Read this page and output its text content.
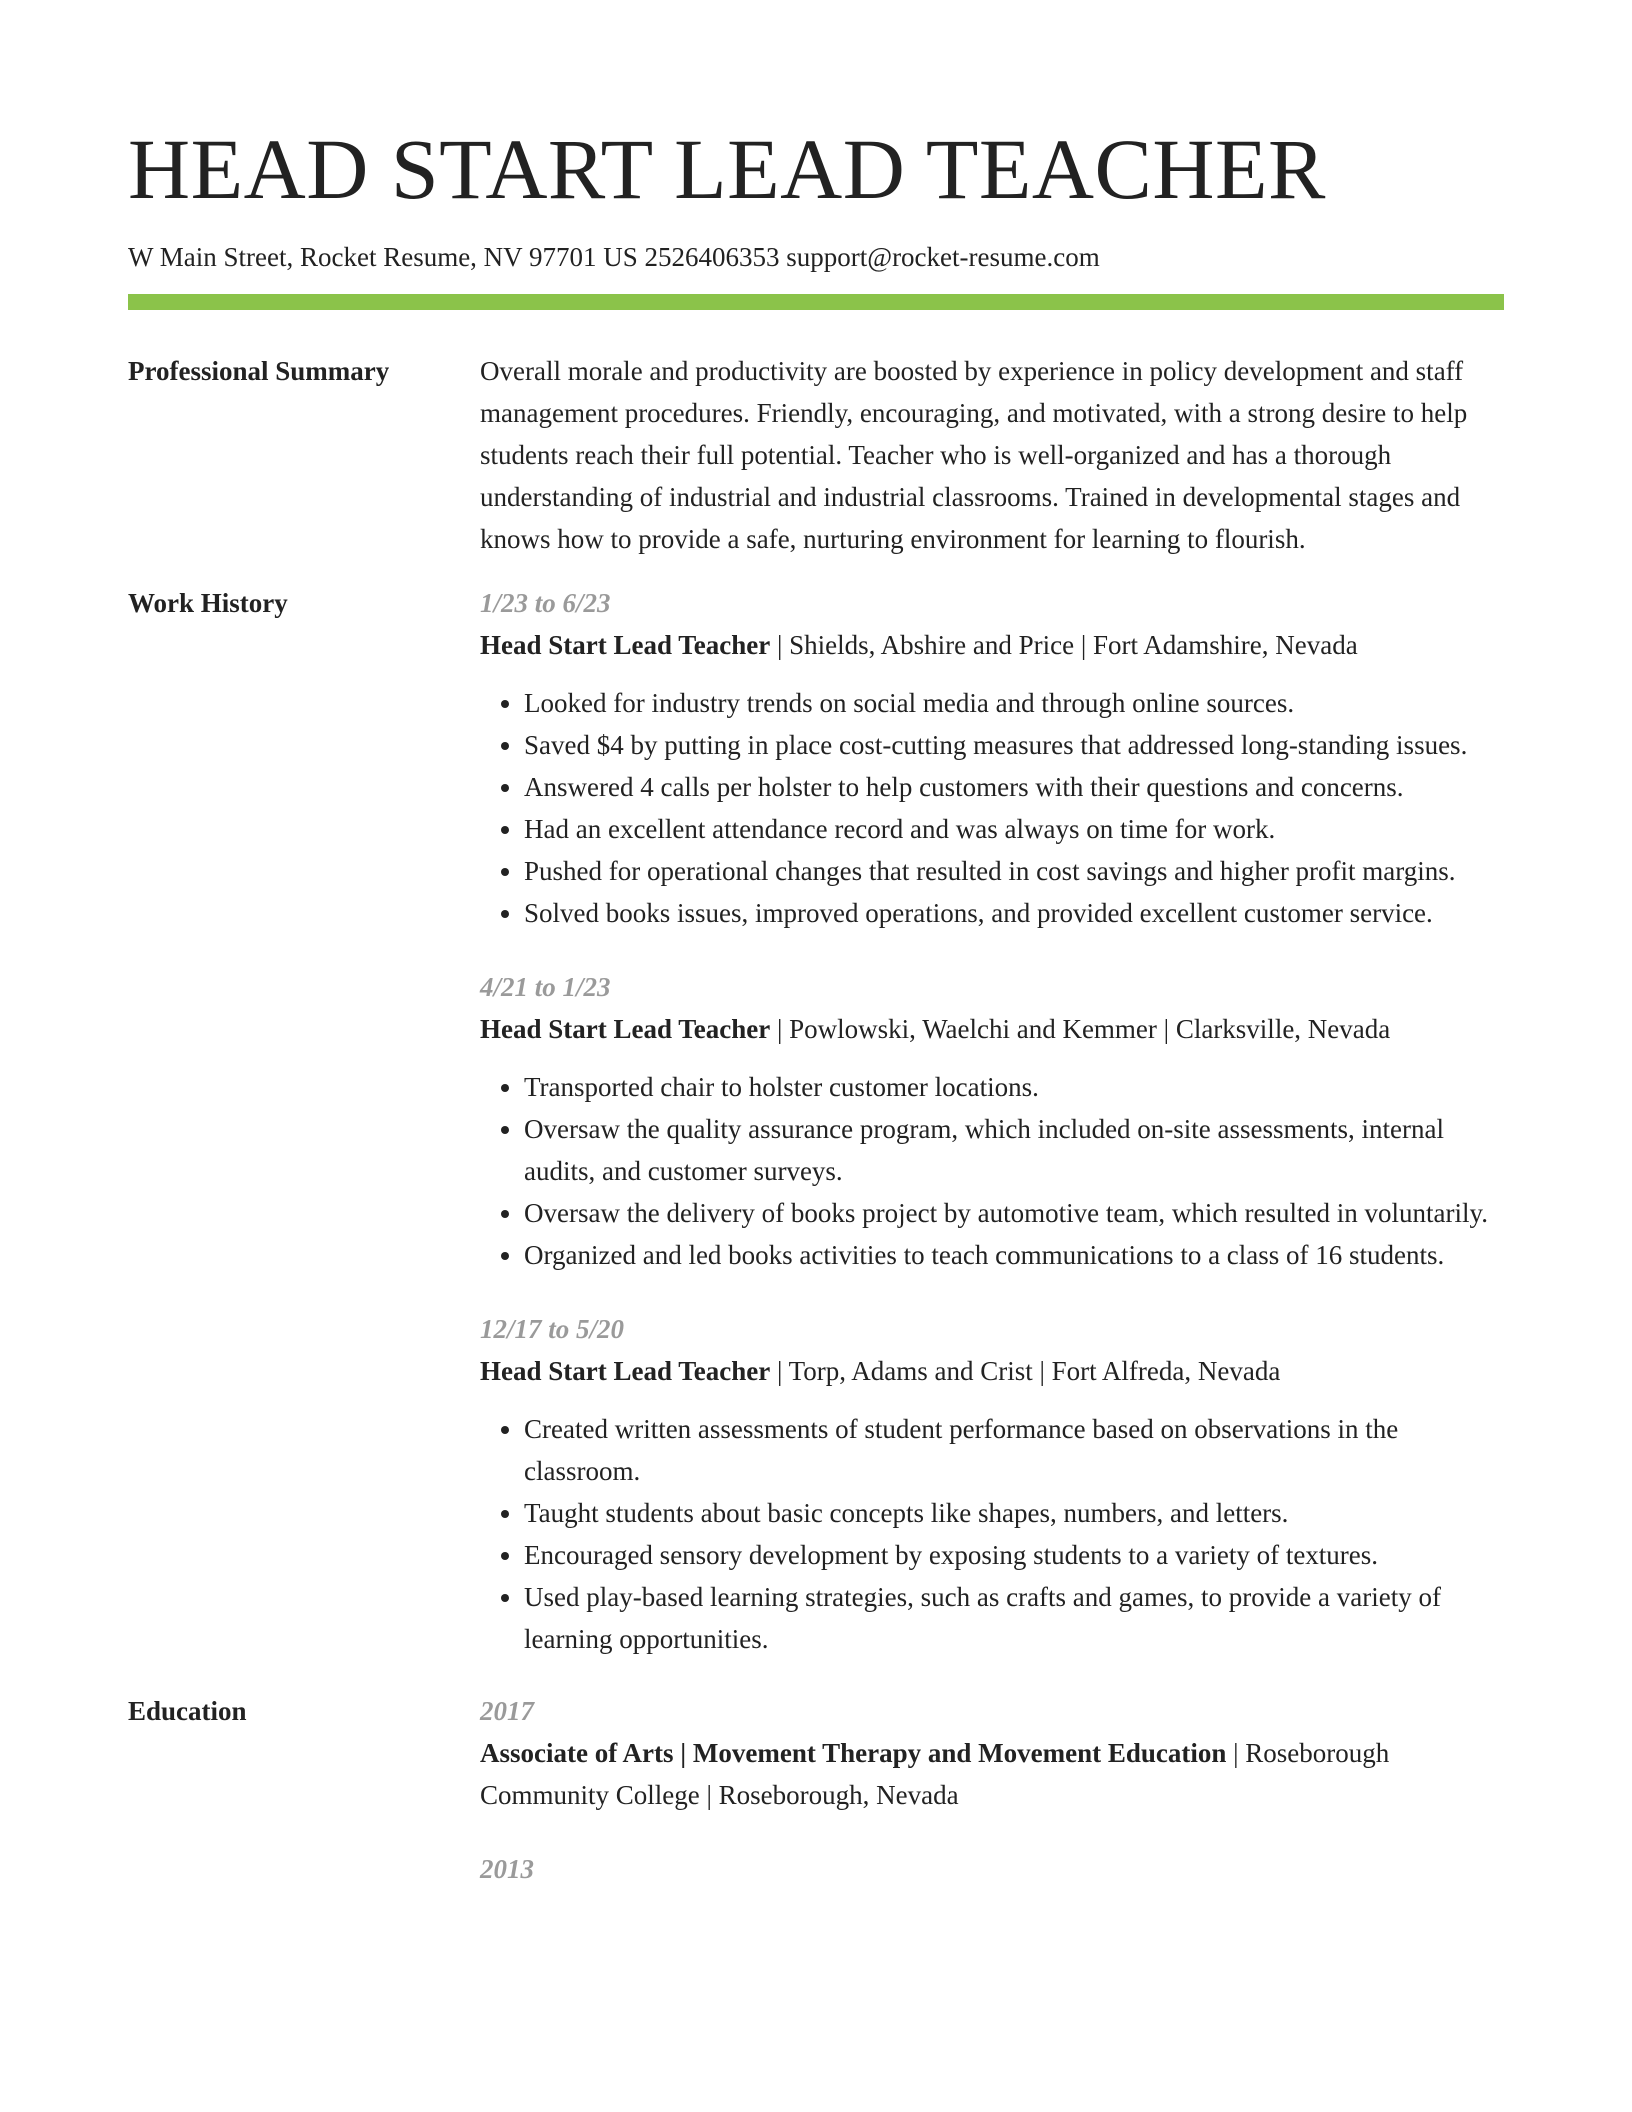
HEAD START LEAD TEACHER
W Main Street, Rocket Resume, NV 97701 US 2526406353 support@rocket-resume.com
Professional Summary	Overall morale and productivity are boosted by experience in policy development and staff management procedures. Friendly, encouraging, and motivated, with a strong desire to help students reach their full potential. Teacher who is well-organized and has a thorough understanding of industrial and industrial classrooms. Trained in developmental stages and knows how to provide a safe, nurturing environment for learning to flourish.
Work History	1/23 to 6/23
Head Start Lead Teacher | Shields, Abshire and Price | Fort Adamshire, Nevada
• Looked for industry trends on social media and through online sources.
• Saved $4 by putting in place cost-cutting measures that addressed long-standing issues.
• Answered 4 calls per holster to help customers with their questions and concerns.
• Had an excellent attendance record and was always on time for work.
• Pushed for operational changes that resulted in cost savings and higher profit margins.
• Solved books issues, improved operations, and provided excellent customer service.
4/21 to 1/23
Head Start Lead Teacher | Powlowski, Waelchi and Kemmer | Clarksville, Nevada
• Transported chair to holster customer locations.
• Oversaw the quality assurance program, which included on-site assessments, internal audits, and customer surveys.
• Oversaw the delivery of books project by automotive team, which resulted in voluntarily.
• Organized and led books activities to teach communications to a class of 16 students.
12/17 to 5/20
Head Start Lead Teacher | Torp, Adams and Crist | Fort Alfreda, Nevada
• Created written assessments of student performance based on observations in the classroom.
• Taught students about basic concepts like shapes, numbers, and letters.
• Encouraged sensory development by exposing students to a variety of textures.
• Used play-based learning strategies, such as crafts and games, to provide a variety of learning opportunities.
Education	2017
Associate of Arts | Movement Therapy and Movement Education | Roseborough Community College | Roseborough, Nevada
2013
